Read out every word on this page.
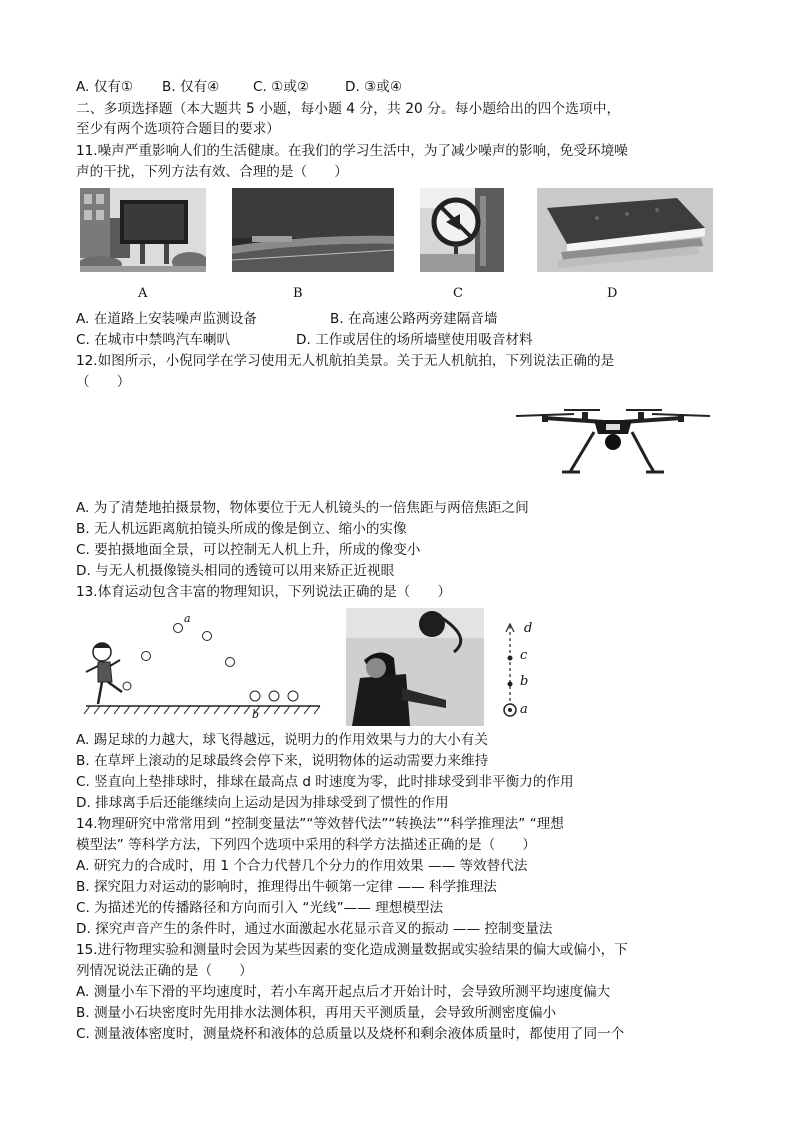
A. 仅有① B. 仅有④ C. ①或②	D. ③或④
二、多项选择题（本大题共 5 小题，每小题 4 分，共 20 分。每小题给出的四个选项中，
至少有两个选项符合题目的要求）
11.噪声严重影响人们的生活健康。在我们的学习生活中，为了减少噪声的影响，免受环境噪
声的干扰，下列方法有效、合理的是（　　）
A	B	C	D
A. 在道路上安装噪声监测设备	B. 在高速公路两旁建隔音墙
C. 在城市中禁鸣汽车喇叭	D. 工作或居住的场所墙壁使用吸音材料
12.如图所示，小倪同学在学习使用无人机航拍美景。关于无人机航拍，下列说法正确的是
（　　）
A. 为了清楚地拍摄景物，物体要位于无人机镜头的一倍焦距与两倍焦距之间
B. 无人机远距离航拍镜头所成的像是倒立、缩小的实像
C. 要拍摄地面全景，可以控制无人机上升，所成的像变小
D. 与无人机摄像镜头相同的透镜可以用来矫正近视眼
13.体育运动包含丰富的物理知识，下列说法正确的是（　　）
a
b
d
c
b
a
A. 踢足球的力越大，球飞得越远，说明力的作用效果与力的大小有关
B. 在草坪上滚动的足球最终会停下来，说明物体的运动需要力来维持
C. 竖直向上垫排球时，排球在最高点 d 时速度为零，此时排球受到非平衡力的作用
D. 排球离手后还能继续向上运动是因为排球受到了惯性的作用
14.物理研究中常常用到 “控制变量法”“等效替代法”“转换法”“科学推理法” “理想
模型法” 等科学方法，下列四个选项中采用的科学方法描述正确的是（　　）
A. 研究力的合成时，用 1 个合力代替几个分力的作用效果 —— 等效替代法
B. 探究阻力对运动的影响时，推理得出牛顿第一定律 —— 科学推理法
C. 为描述光的传播路径和方向而引入 “光线”—— 理想模型法
D. 探究声音产生的条件时，通过水面激起水花显示音叉的振动 —— 控制变量法
15.进行物理实验和测量时会因为某些因素的变化造成测量数据或实验结果的偏大或偏小，下
列情况说法正确的是（　　）
A. 测量小车下滑的平均速度时，若小车离开起点后才开始计时，会导致所测平均速度偏大
B. 测量小石块密度时先用排水法测体积，再用天平测质量，会导致所测密度偏小
C. 测量液体密度时，测量烧杯和液体的总质量以及烧杯和剩余液体质量时，都使用了同一个
